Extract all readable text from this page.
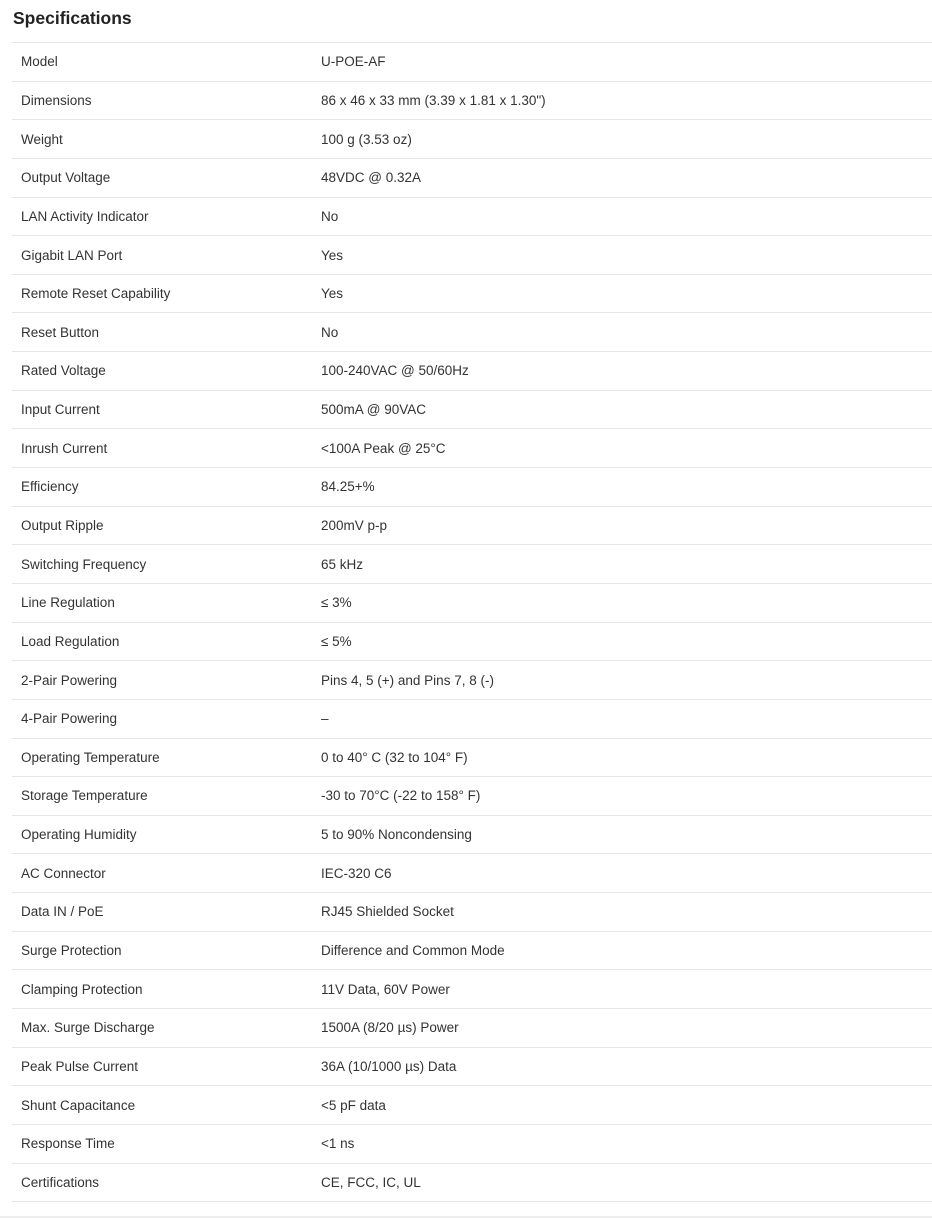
Specifications
Model	U-POE-AF
Dimensions	86 x 46 x 33 mm (3.39 x 1.81 x 1.30")
Weight	100 g (3.53 oz)
Output Voltage	48VDC @ 0.32A
LAN Activity Indicator	No
Gigabit LAN Port	Yes
Remote Reset Capability	Yes
Reset Button	No
Rated Voltage	100-240VAC @ 50/60Hz
Input Current	500mA @ 90VAC
Inrush Current	<100A Peak @ 25°C
Efficiency	84.25+%
Output Ripple	200mV p-p
Switching Frequency	65 kHz
Line Regulation	≤ 3%
Load Regulation	≤ 5%
2-Pair Powering	Pins 4, 5 (+) and Pins 7, 8 (-)
4-Pair Powering	–
Operating Temperature	0 to 40° C (32 to 104° F)
Storage Temperature	-30 to 70°C (-22 to 158° F)
Operating Humidity	5 to 90% Noncondensing
AC Connector	IEC-320 C6
Data IN / PoE	RJ45 Shielded Socket
Surge Protection	Difference and Common Mode
Clamping Protection	11V Data, 60V Power
Max. Surge Discharge	1500A (8/20 µs) Power
Peak Pulse Current	36A (10/1000 µs) Data
Shunt Capacitance	<5 pF data
Response Time	<1 ns
Certifications	CE, FCC, IC, UL
